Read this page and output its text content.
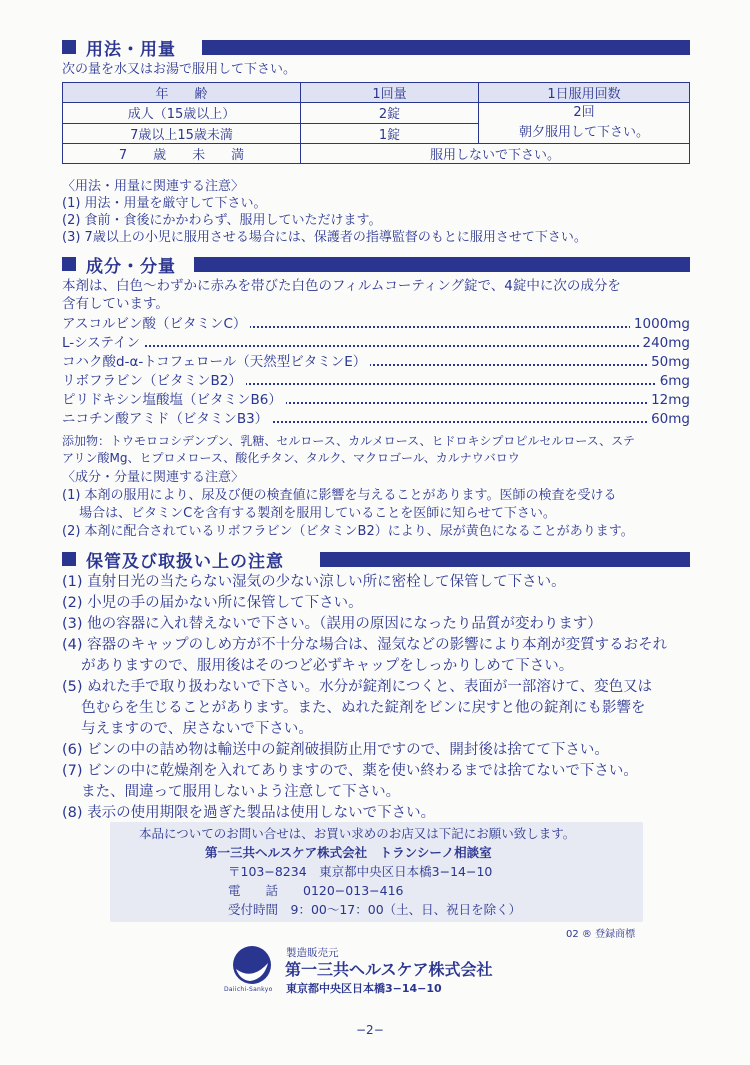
用法・用量
次の量を水又はお湯で服用して下さい。
年　　齢	1回量	1日服用回数
成人（15歳以上）	2錠	2回
朝夕服用して下さい。

7歳以上15歳未満	1錠	
7　　歳　　未　　満	服用しないで下さい。	
〈用法・用量に関連する注意〉
(1) 用法・用量を厳守して下さい。
(2) 食前・食後にかかわらず、服用していただけます。
(3) 7歳以上の小児に服用させる場合には、保護者の指導監督のもとに服用させて下さい。
成分・分量
本剤は、白色〜わずかに赤みを帯びた白色のフィルムコーティング錠で、4錠中に次の成分を
含有しています。
アスコルビン酸（ビタミンC）	1000mg
L-システイン	240mg
コハク酸d-α-トコフェロール（天然型ビタミンE）	50mg
リボフラビン（ビタミンB2）	6mg
ピリドキシン塩酸塩（ビタミンB6）	12mg
ニコチン酸アミド（ビタミンB3）	60mg
添加物：トウモロコシデンプン、乳糖、セルロース、カルメロース、ヒドロキシプロピルセルロース、ステ
アリン酸Mg、ヒプロメロース、酸化チタン、タルク、マクロゴール、カルナウバロウ
〈成分・分量に関連する注意〉
(1) 本剤の服用により、尿及び便の検査値に影響を与えることがあります。医師の検査を受ける
　 場合は、ビタミンCを含有する製剤を服用していることを医師に知らせて下さい。
(2) 本剤に配合されているリボフラビン（ビタミンB2）により、尿が黄色になることがあります。
保管及び取扱い上の注意
(1) 直射日光の当たらない湿気の少ない涼しい所に密栓して保管して下さい。
(2) 小児の手の届かない所に保管して下さい。
(3) 他の容器に入れ替えないで下さい。（誤用の原因になったり品質が変わります）
(4) 容器のキャップのしめ方が不十分な場合は、湿気などの影響により本剤が変質するおそれ
　 がありますので、服用後はそのつど必ずキャップをしっかりしめて下さい。
(5) ぬれた手で取り扱わないで下さい。水分が錠剤につくと、表面が一部溶けて、変色又は
　 色むらを生じることがあります。また、ぬれた錠剤をビンに戻すと他の錠剤にも影響を
　 与えますので、戻さないで下さい。
(6) ビンの中の詰め物は輸送中の錠剤破損防止用ですので、開封後は捨てて下さい。
(7) ビンの中に乾燥剤を入れてありますので、薬を使い終わるまでは捨てないで下さい。
　 また、間違って服用しないよう注意して下さい。
(8) 表示の使用期限を過ぎた製品は使用しないで下さい。
本品についてのお問い合せは、お買い求めのお店又は下記にお願い致します。
第一三共ヘルスケア株式会社　トランシーノ相談室
〒103−8234　東京都中央区日本橋3−14−10
電　　話　　0120−013−416
受付時間　9：00〜17：00（土、日、祝日を除く）
02 ® 登録商標
Daiichi-Sankyo
製造販売元
第一三共ヘルスケア株式会社
東京都中央区日本橋3−14−10
−2−
